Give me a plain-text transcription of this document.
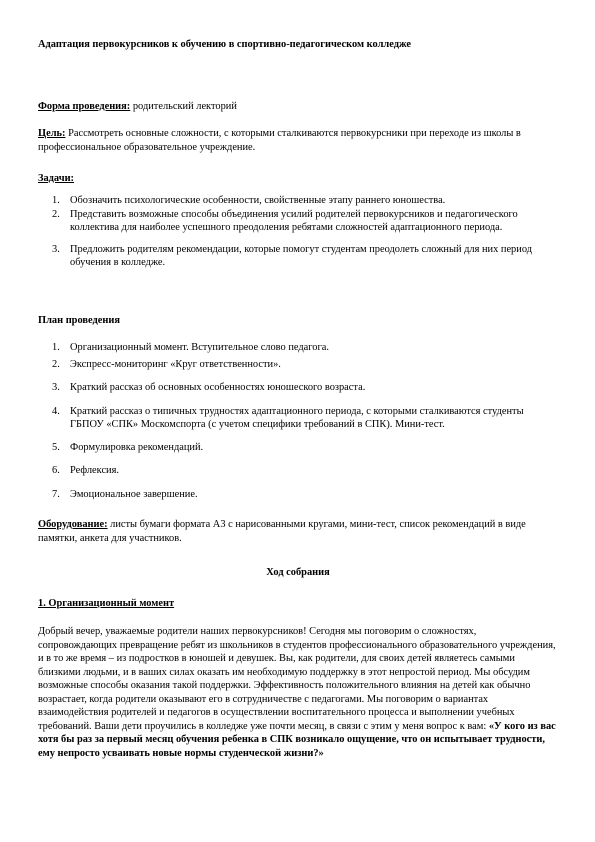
Адаптация первокурсников к обучению в спортивно-педагогическом колледже
Форма проведения: родительский лекторий
Цель: Рассмотреть основные сложности, с которыми сталкиваются первокурсники при переходе из школы в профессиональное образовательное учреждение.
Задачи:
1. Обозначить психологические особенности, свойственные этапу раннего юношества.
2. Представить возможные способы объединения усилий родителей первокурсников и педагогического коллектива для наиболее успешного преодоления ребятами сложностей адаптационного периода.
3. Предложить родителям рекомендации, которые помогут студентам преодолеть сложный для них период обучения в колледже.
План проведения
1. Организационный момент. Вступительное слово педагога.
2. Экспресс-мониторинг «Круг ответственности».
3. Краткий рассказ об основных особенностях юношеского возраста.
4. Краткий рассказ о типичных трудностях адаптационного периода, с которыми сталкиваются студенты ГБПОУ «СПК» Москомспорта (с учетом специфики требований в СПК). Мини-тест.
5. Формулировка рекомендаций.
6. Рефлексия.
7. Эмоциональное завершение.
Оборудование: листы бумаги формата А3 с нарисованными кругами, мини-тест, список рекомендаций в виде памятки, анкета для участников.
Ход собрания
1. Организационный момент
Добрый вечер, уважаемые родители наших первокурсников! Сегодня мы поговорим о сложностях, сопровождающих превращение ребят из школьников в студентов профессионального образовательного учреждения, и в то же время – из подростков в юношей и девушек. Вы, как родители, для своих детей являетесь самыми близкими людьми, и в ваших силах оказать им необходимую поддержку в этот непростой период. Мы обсудим возможные способы оказания такой поддержки. Эффективность положительного влияния на детей как обычно возрастает, когда родители оказывают его в сотрудничестве с педагогами. Мы поговорим о вариантах взаимодействия родителей и педагогов в осуществлении воспитательного процесса и выполнении учебных требований. Ваши дети проучились в колледже уже почти месяц, в связи с этим у меня вопрос к вам: «У кого из вас хотя бы раз за первый месяц обучения ребенка в СПК возникало ощущение, что он испытывает трудности, ему непросто усваивать новые нормы студенческой жизни?»
